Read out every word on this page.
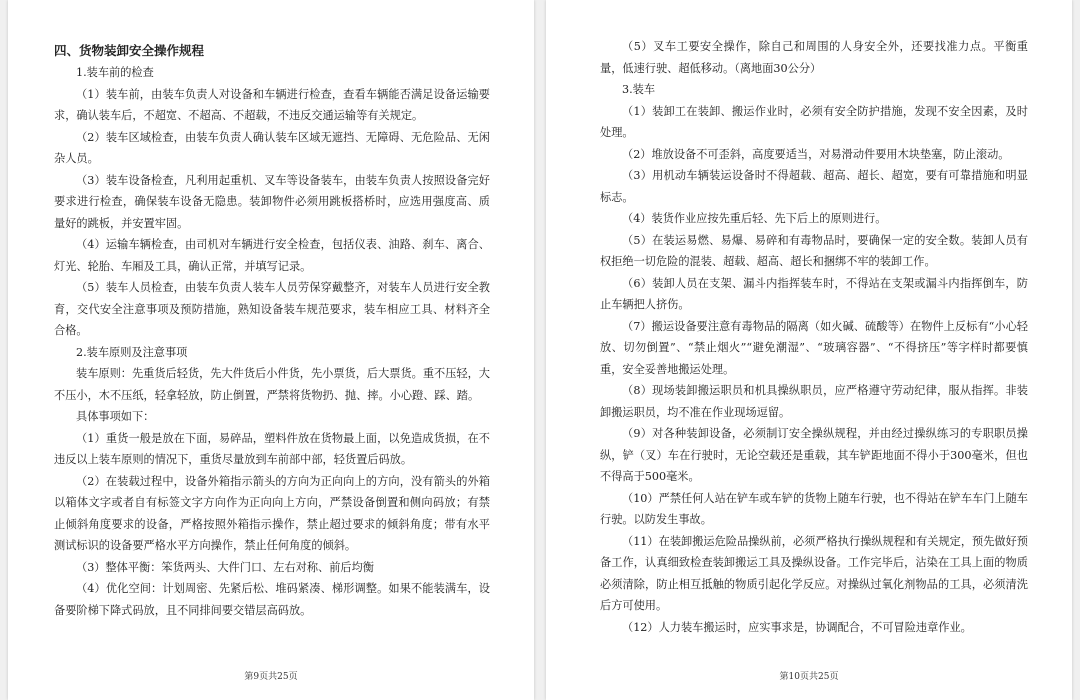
四、货物装卸安全操作规程

1.装车前的检查

（1）装车前，由装车负责人对设备和车辆进行检查，查看车辆能否满足设备运输要求，确认装车后，不超宽、不超高、不超载，不违反交通运输等有关规定。

（2）装车区域检查，由装车负责人确认装车区域无遮挡、无障碍、无危险品、无闲杂人员。

（3）装车设备检查，凡利用起重机、叉车等设备装车，由装车负责人按照设备完好要求进行检查，确保装车设备无隐患。装卸物件必须用跳板搭桥时，应选用强度高、质量好的跳板，并安置牢固。

（4）运输车辆检查，由司机对车辆进行安全检查，包括仪表、油路、刹车、离合、灯光、轮胎、车厢及工具，确认正常，并填写记录。

（5）装车人员检查，由装车负责人装车人员劳保穿戴整齐，对装车人员进行安全教育，交代安全注意事项及预防措施，熟知设备装车规范要求，装车相应工具、材料齐全合格。

2.装车原则及注意事项

装车原则：先重货后轻货，先大件货后小件货，先小票货，后大票货。重不压轻，大不压小，木不压纸，轻拿轻放，防止倒置，严禁将货物扔、抛、摔。小心蹬、踩、踏。

具体事项如下：

（1）重货一般是放在下面，易碎品，塑料件放在货物最上面，以免造成货损，在不违反以上装车原则的情况下，重货尽量放到车前部中部，轻货置后码放。

（2）在装载过程中，设备外箱指示箭头的方向为正向向上的方向，没有箭头的外箱以箱体文字或者自有标签文字方向作为正向向上方向，严禁设备倒置和侧向码放；有禁止倾斜角度要求的设备，严格按照外箱指示操作，禁止超过要求的倾斜角度；带有水平测试标识的设备要严格水平方向操作，禁止任何角度的倾斜。

（3）整体平衡：笨货两头、大件门口、左右对称、前后均衡

（4）优化空间：计划周密、先紧后松、堆码紧凑、梯形调整。如果不能装满车，设备要阶梯下降式码放，且不同排间要交错层高码放。

第9页共25页

（5）叉车工要安全操作，除自己和周围的人身安全外，还要找准力点。平衡重量，低速行驶、超低移动。（离地面30公分）

3.装车

（1）装卸工在装卸、搬运作业时，必须有安全防护措施，发现不安全因素，及时处理。

（2）堆放设备不可歪斜，高度要适当，对易滑动件要用木块垫塞，防止滚动。

（3）用机动车辆装运设备时不得超载、超高、超长、超宽，要有可靠措施和明显标志。

（4）装货作业应按先重后轻、先下后上的原则进行。

（5）在装运易燃、易爆、易碎和有毒物品时，要确保一定的安全数。装卸人员有权拒绝一切危险的混装、超载、超高、超长和捆绑不牢的装卸工作。

（6）装卸人员在支架、漏斗内指挥装车时，不得站在支架或漏斗内指挥倒车，防止车辆把人挤伤。

（7）搬运设备要注意有毒物品的隔离（如火碱、硫酸等）在物件上反标有“小心轻放、切勿倒置”、“禁止烟火”“避免潮湿”、“玻璃容器”、“不得挤压”等字样时都要慎重，安全妥善地搬运处理。

（8）现场装卸搬运职员和机具操纵职员，应严格遵守劳动纪律，服从指挥。非装卸搬运职员，均不准在作业现场逗留。

（9）对各种装卸设备，必须制订安全操纵规程，并由经过操纵练习的专职职员操纵，铲（叉）车在行驶时，无论空载还是重载，其车铲距地面不得小于300毫米，但也不得高于500毫米。

（10）严禁任何人站在铲车或车铲的货物上随车行驶，也不得站在铲车车门上随车行驶。以防发生事故。

（11）在装卸搬运危险品操纵前，必须严格执行操纵规程和有关规定，预先做好预备工作，认真细致检查装卸搬运工具及操纵设备。工作完毕后，沾染在工具上面的物质必须清除，防止相互抵触的物质引起化学反应。对操纵过氧化剂物品的工具，必须清洗后方可使用。

（12）人力装车搬运时，应实事求是，协调配合，不可冒险违章作业。

第10页共25页
